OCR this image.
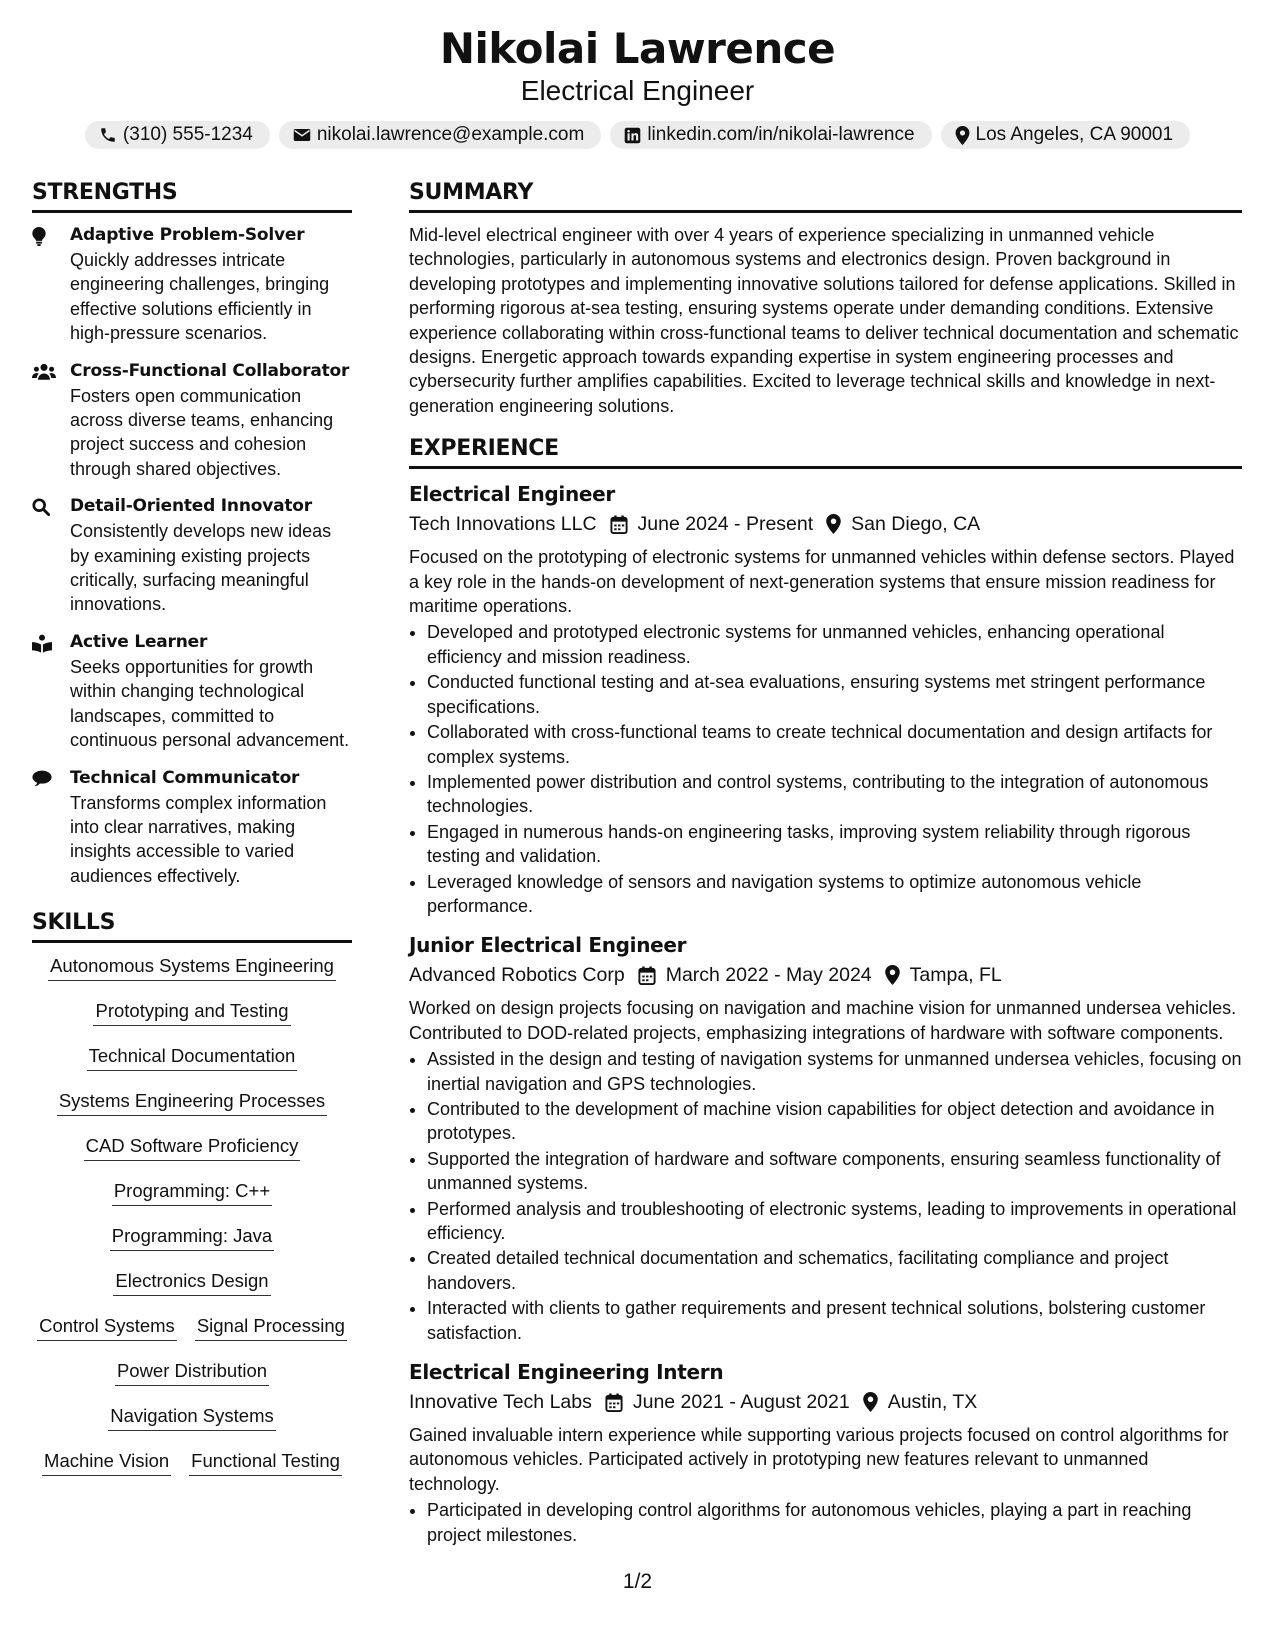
Nikolai Lawrence
Electrical Engineer
(310) 555-1234	nikolai.lawrence@example.com	linkedin.com/in/nikolai-lawrence	Los Angeles, CA 90001
STRENGTHS
Adaptive Problem-Solver
Quickly addresses intricate engineering challenges, bringing effective solutions efficiently in high-pressure scenarios.
Cross-Functional Collaborator
Fosters open communication across diverse teams, enhancing project success and cohesion through shared objectives.
Detail-Oriented Innovator
Consistently develops new ideas by examining existing projects critically, surfacing meaningful innovations.
Active Learner
Seeks opportunities for growth within changing technological landscapes, committed to continuous personal advancement.
Technical Communicator
Transforms complex information into clear narratives, making insights accessible to varied audiences effectively.
SKILLS
Autonomous Systems Engineering
Prototyping and Testing
Technical Documentation
Systems Engineering Processes
CAD Software Proficiency
Programming: C++
Programming: Java
Electronics Design
Control Systems Signal Processing
Power Distribution
Navigation Systems
Machine Vision Functional Testing
SUMMARY
Mid-level electrical engineer with over 4 years of experience specializing in unmanned vehicle technologies, particularly in autonomous systems and electronics design. Proven background in developing prototypes and implementing innovative solutions tailored for defense applications. Skilled in performing rigorous at-sea testing, ensuring systems operate under demanding conditions. Extensive experience collaborating within cross-functional teams to deliver technical documentation and schematic designs. Energetic approach towards expanding expertise in system engineering processes and cybersecurity further amplifies capabilities. Excited to leverage technical skills and knowledge in next-generation engineering solutions.
EXPERIENCE
Electrical Engineer
Tech Innovations LLC June 2024 - Present San Diego, CA
Focused on the prototyping of electronic systems for unmanned vehicles within defense sectors. Played a key role in the hands-on development of next-generation systems that ensure mission readiness for maritime operations.
• Developed and prototyped electronic systems for unmanned vehicles, enhancing operational efficiency and mission readiness.
• Conducted functional testing and at-sea evaluations, ensuring systems met stringent performance specifications.
• Collaborated with cross-functional teams to create technical documentation and design artifacts for complex systems.
• Implemented power distribution and control systems, contributing to the integration of autonomous technologies.
• Engaged in numerous hands-on engineering tasks, improving system reliability through rigorous testing and validation.
• Leveraged knowledge of sensors and navigation systems to optimize autonomous vehicle performance.
Junior Electrical Engineer
Advanced Robotics Corp March 2022 - May 2024 Tampa, FL
Worked on design projects focusing on navigation and machine vision for unmanned undersea vehicles. Contributed to DOD-related projects, emphasizing integrations of hardware with software components.
• Assisted in the design and testing of navigation systems for unmanned undersea vehicles, focusing on inertial navigation and GPS technologies.
• Contributed to the development of machine vision capabilities for object detection and avoidance in prototypes.
• Supported the integration of hardware and software components, ensuring seamless functionality of unmanned systems.
• Performed analysis and troubleshooting of electronic systems, leading to improvements in operational efficiency.
• Created detailed technical documentation and schematics, facilitating compliance and project handovers.
• Interacted with clients to gather requirements and present technical solutions, bolstering customer satisfaction.
Electrical Engineering Intern
Innovative Tech Labs June 2021 - August 2021 Austin, TX
Gained invaluable intern experience while supporting various projects focused on control algorithms for autonomous vehicles. Participated actively in prototyping new features relevant to unmanned technology.
• Participated in developing control algorithms for autonomous vehicles, playing a part in reaching project milestones.
1/2
